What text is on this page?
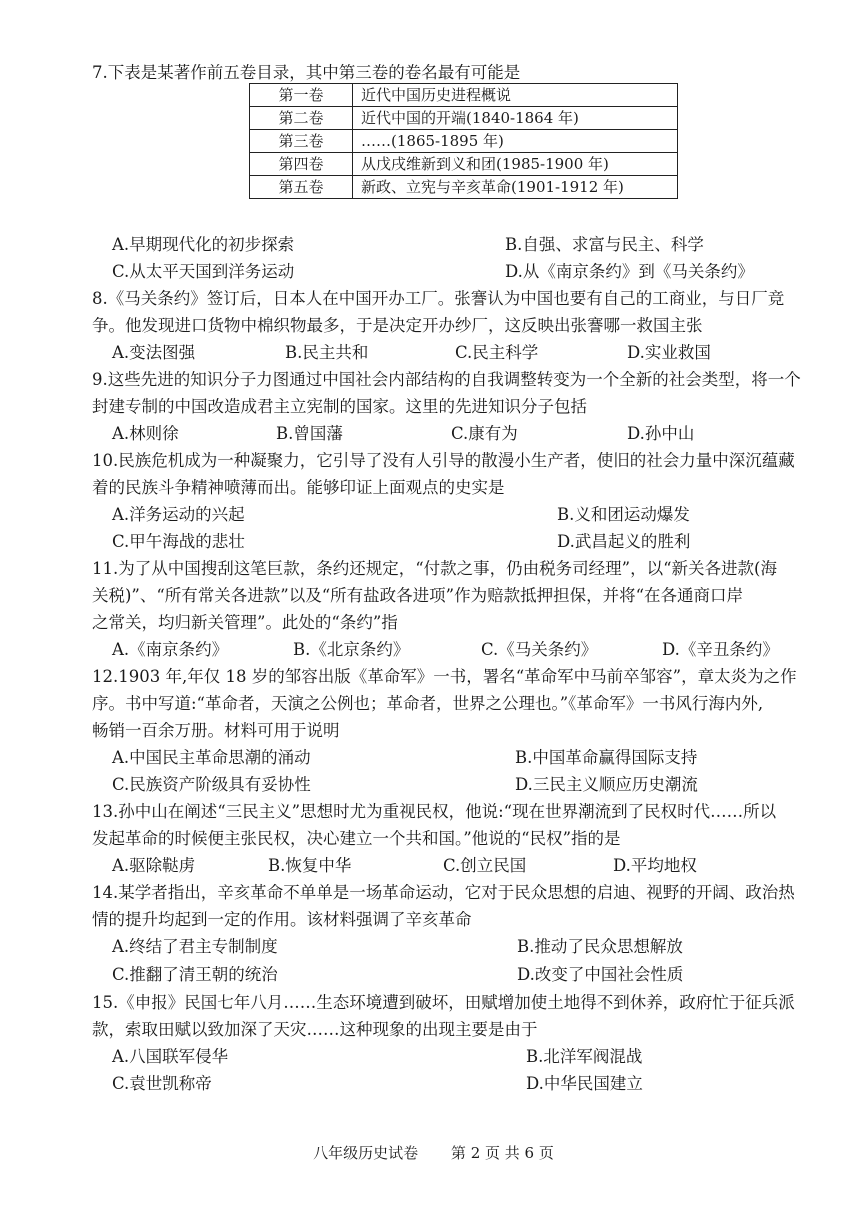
7.下表是某著作前五卷目录，其中第三卷的卷名最有可能是
第一卷	近代中国历史进程概说
第二卷	近代中国的开端(1840-1864 年)
第三卷	……(1865-1895 年)
第四卷	从戊戌维新到义和团(1985-1900 年)
第五卷	新政、立宪与辛亥革命(1901-1912 年)
A.早期现代化的初步探索	B.自强、求富与民主、科学
C.从太平天国到洋务运动	D.从《南京条约》到《马关条约》
8.《马关条约》签订后，日本人在中国开办工厂。张謇认为中国也要有自己的工商业，与日厂竞
争。他发现进口货物中棉织物最多，于是决定开办纱厂，这反映出张謇哪一救国主张
A.变法图强	B.民主共和	C.民主科学	D.实业救国
9.这些先进的知识分子力图通过中国社会内部结构的自我调整转变为一个全新的社会类型，将一个
封建专制的中国改造成君主立宪制的国家。这里的先进知识分子包括
A.林则徐	B.曾国藩	C.康有为	D.孙中山
10.民族危机成为一种凝聚力，它引导了没有人引导的散漫小生产者，使旧的社会力量中深沉蕴藏
着的民族斗争精神喷薄而出。能够印证上面观点的史实是
A.洋务运动的兴起	B.义和团运动爆发
C.甲午海战的悲壮	D.武昌起义的胜利
11.为了从中国搜刮这笔巨款，条约还规定，“付款之事，仍由税务司经理”，以“新关各进款(海
关税)”、“所有常关各进款”以及“所有盐政各进项”作为赔款抵押担保，并将“在各通商口岸
之常关，均归新关管理”。此处的“条约”指
A.《南京条约》	B.《北京条约》	C.《马关条约》	D.《辛丑条约》
12.1903 年,年仅 18 岁的邹容出版《革命军》一书，署名“革命军中马前卒邹容”，章太炎为之作
序。书中写道:“革命者，天演之公例也；革命者，世界之公理也。”《革命军》一书风行海内外,
畅销一百余万册。材料可用于说明
A.中国民主革命思潮的涌动	B.中国革命赢得国际支持
C.民族资产阶级具有妥协性	D.三民主义顺应历史潮流
13.孙中山在阐述“三民主义”思想时尤为重视民权，他说:“现在世界潮流到了民权时代……所以
发起革命的时候便主张民权，决心建立一个共和国。”他说的“民权”指的是
A.驱除鞑虏	B.恢复中华	C.创立民国	D.平均地权
14.某学者指出，辛亥革命不单单是一场革命运动，它对于民众思想的启迪、视野的开阔、政治热
情的提升均起到一定的作用。该材料强调了辛亥革命
A.终结了君主专制制度	B.推动了民众思想解放
C.推翻了清王朝的统治	D.改变了中国社会性质
15.《申报》民国七年八月……生态环境遭到破坏，田赋增加使土地得不到休养，政府忙于征兵派
款，索取田赋以致加深了天灾……这种现象的出现主要是由于
A.八国联军侵华	B.北洋军阀混战
C.袁世凯称帝	D.中华民国建立
八年级历史试卷 第 2 页 共 6 页
